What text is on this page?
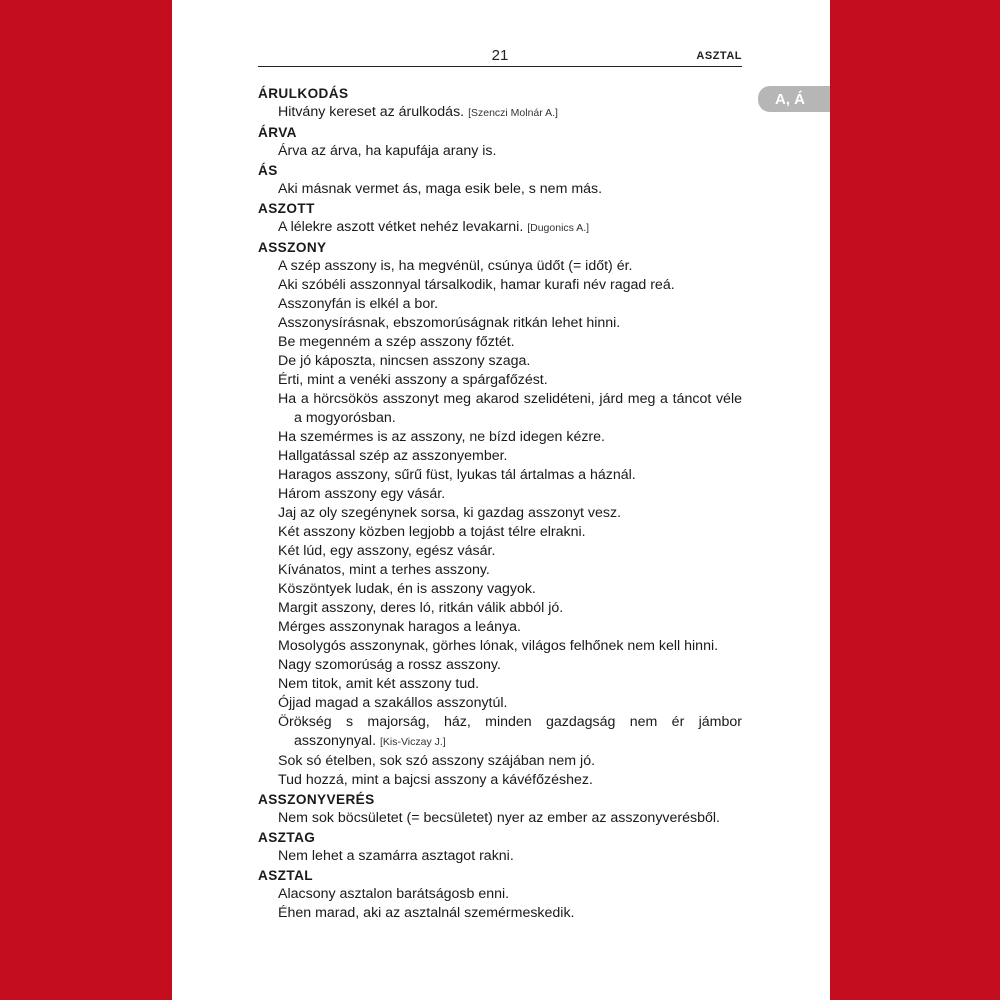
21	ASZTAL
A, Á
ÁRULKODÁS
Hitvány kereset az árulkodás. [Szenczi Molnár A.]
ÁRVA
Árva az árva, ha kapufája arany is.
ÁS
Aki másnak vermet ás, maga esik bele, s nem más.
ASZOTT
A lélekre aszott vétket nehéz levakarni. [Dugonics A.]
ASSZONY
A szép asszony is, ha megvénül, csúnya üdőt (= időt) ér.
Aki szóbéli asszonnyal társalkodik, hamar kurafi név ragad reá.
Asszonyfán is elkél a bor.
Asszonysírásnak, ebszomorúságnak ritkán lehet hinni.
Be megenném a szép asszony főztét.
De jó káposzta, nincsen asszony szaga.
Érti, mint a venéki asszony a spárgafőzést.
Ha a hörcsökös asszonyt meg akarod szelidéteni, járd meg a táncot véle a mogyorósban.
Ha szemérmes is az asszony, ne bízd idegen kézre.
Hallgatással szép az asszonyember.
Haragos asszony, sűrű füst, lyukas tál ártalmas a háznál.
Három asszony egy vásár.
Jaj az oly szegénynek sorsa, ki gazdag asszonyt vesz.
Két asszony közben legjobb a tojást télre elrakni.
Két lúd, egy asszony, egész vásár.
Kívánatos, mint a terhes asszony.
Köszöntyek ludak, én is asszony vagyok.
Margit asszony, deres ló, ritkán válik abból jó.
Mérges asszonynak haragos a leánya.
Mosolygós asszonynak, görhes lónak, világos felhőnek nem kell hinni.
Nagy szomorúság a rossz asszony.
Nem titok, amit két asszony tud.
Ójjad magad a szakállos asszonytúl.
Örökség s majorság, ház, minden gazdagság nem ér jámbor asszonynyal. [Kis-Viczay J.]
Sok só ételben, sok szó asszony szájában nem jó.
Tud hozzá, mint a bajcsi asszony a kávéfőzéshez.
ASSZONYVERÉS
Nem sok böcsületet (= becsületet) nyer az ember az asszonyverésből.
ASZTAG
Nem lehet a szamárra asztagot rakni.
ASZTAL
Alacsony asztalon barátságosb enni.
Éhen marad, aki az asztalnál szemérmeskedik.
